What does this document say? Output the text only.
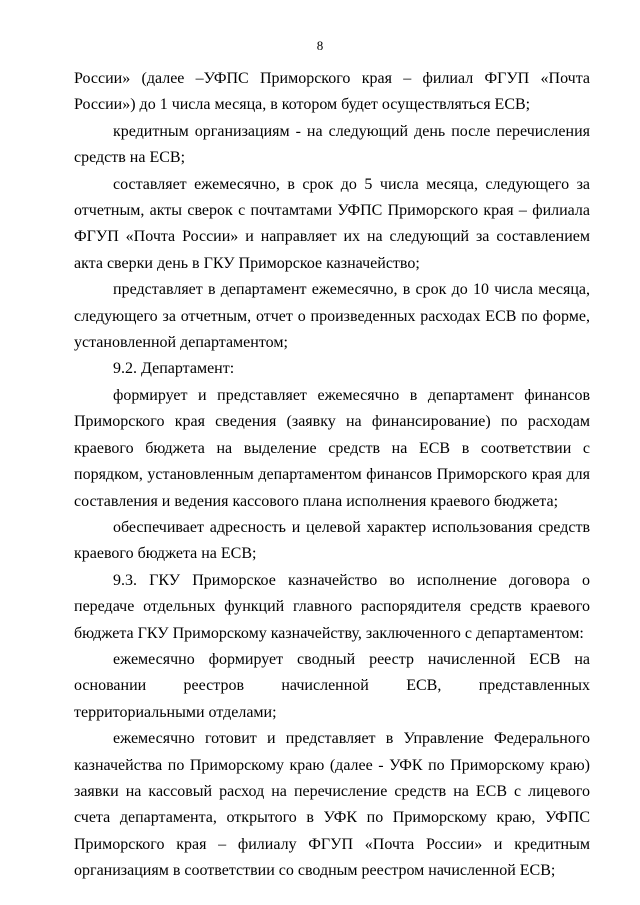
8

России» (далее –УФПС Приморского края – филиал ФГУП «Почта России») до 1 числа месяца, в котором будет осуществляться ЕСВ;

кредитным организациям - на следующий день после перечисления средств на ЕСВ;

составляет ежемесячно, в срок до 5 числа месяца, следующего за отчетным, акты сверок с почтамтами УФПС Приморского края – филиала ФГУП «Почта России» и направляет их на следующий за составлением акта сверки день в ГКУ Приморское казначейство;

представляет в департамент ежемесячно, в срок до 10 числа месяца, следующего за отчетным, отчет о произведенных расходах ЕСВ по форме, установленной департаментом;

9.2. Департамент:

формирует и представляет ежемесячно в департамент финансов Приморского края сведения (заявку на финансирование) по расходам краевого бюджета на выделение средств на ЕСВ в соответствии с порядком, установленным департаментом финансов Приморского края для составления и ведения кассового плана исполнения краевого бюджета;

обеспечивает адресность и целевой характер использования средств краевого бюджета на ЕСВ;

9.3. ГКУ Приморское казначейство во исполнение договора о передаче отдельных функций главного распорядителя средств краевого бюджета ГКУ Приморскому казначейству, заключенного с департаментом:

ежемесячно формирует сводный реестр начисленной ЕСВ на основании реестров начисленной ЕСВ, представленных территориальными отделами;

ежемесячно готовит и представляет в Управление Федерального казначейства по Приморскому краю (далее - УФК по Приморскому краю) заявки на кассовый расход на перечисление средств на ЕСВ с лицевого счета департамента, открытого в УФК по Приморскому краю, УФПС Приморского края – филиалу ФГУП «Почта России» и кредитным организациям в соответствии со сводным реестром начисленной ЕСВ;
